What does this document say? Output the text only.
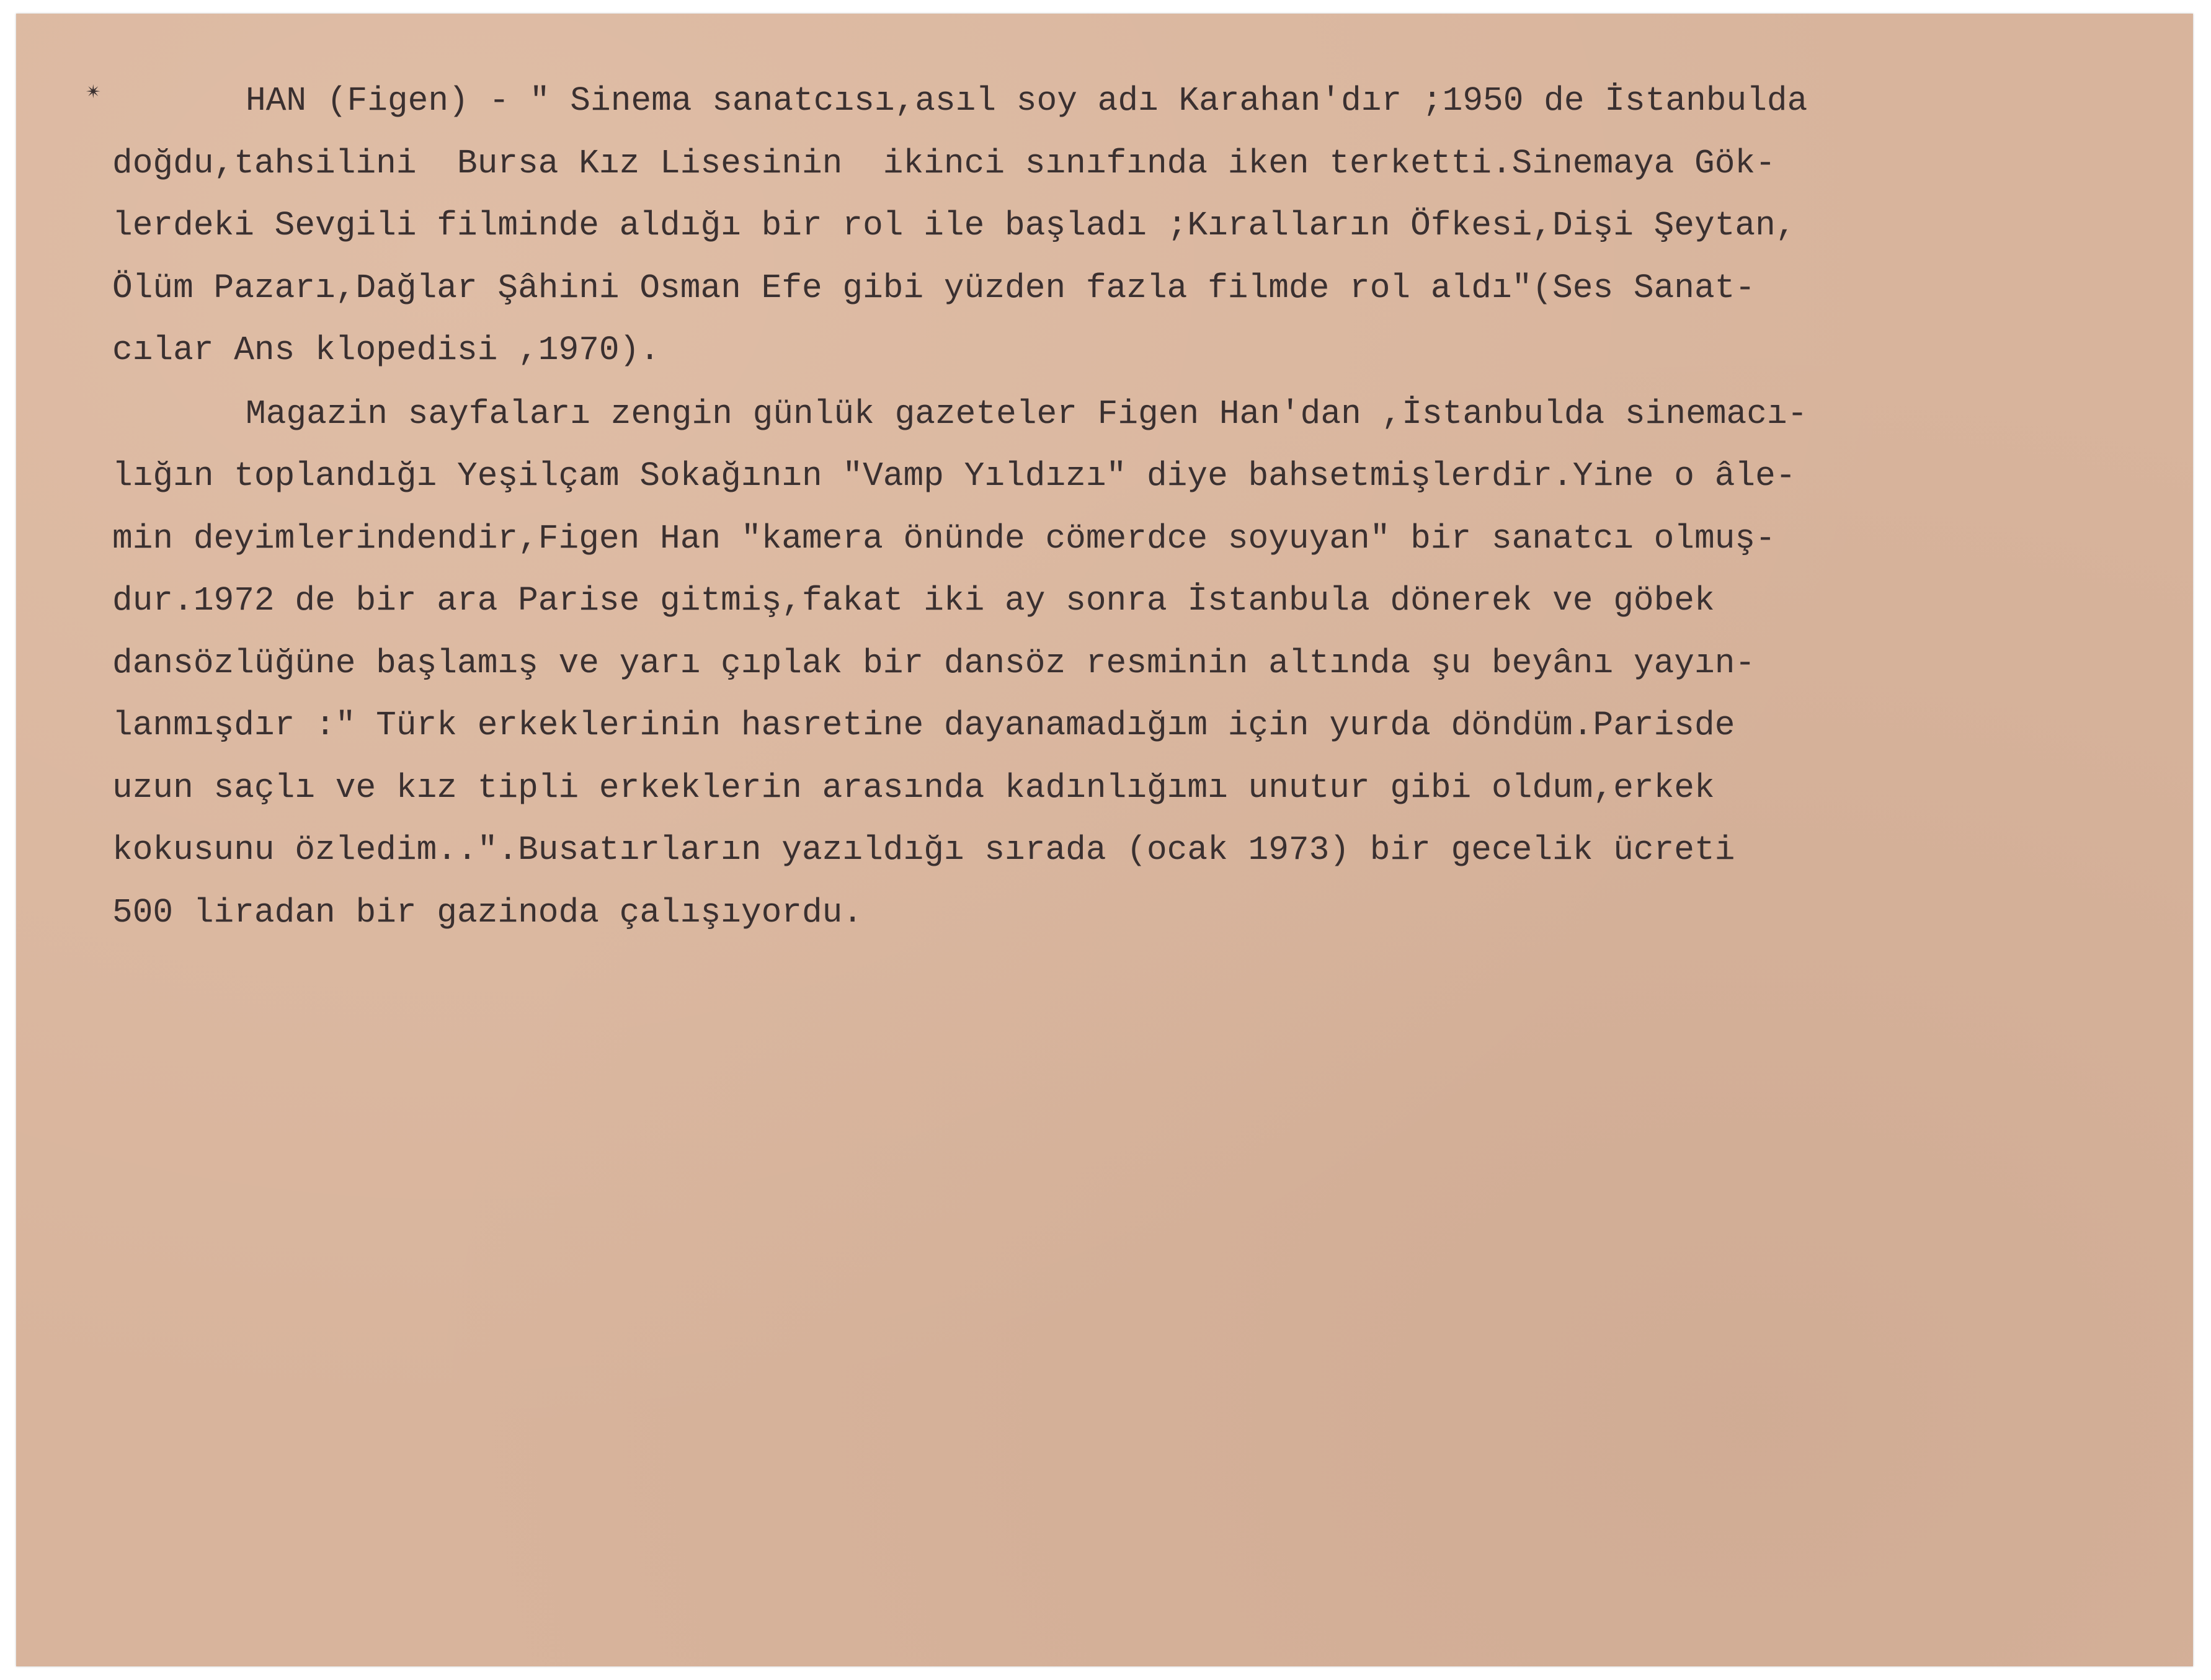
✴	HAN (Figen) - " Sinema sanatcısı,asıl soy adı Karahan'dır ;1950 de İstanbulda
doğdu,tahsilini  Bursa Kız Lisesinin  ikinci sınıfında iken terketti.Sinemaya Gök-
lerdeki Sevgili filminde aldığı bir rol ile başladı ;Kıralların Öfkesi,Dişi Şeytan,
Ölüm Pazarı,Dağlar Şâhini Osman Efe gibi yüzden fazla filmde rol aldı"(Ses Sanat-
cılar Ans klopedisi ,1970).
Magazin sayfaları zengin günlük gazeteler Figen Han'dan ,İstanbulda sinemacı-
lığın toplandığı Yeşilçam Sokağının "Vamp Yıldızı" diye bahsetmişlerdir.Yine o âle-
min deyimlerindendir,Figen Han "kamera önünde cömerdce soyuyan" bir sanatcı olmuş-
dur.1972 de bir ara Parise gitmiş,fakat iki ay sonra İstanbula dönerek ve göbek
dansözlüğüne başlamış ve yarı çıplak bir dansöz resminin altında şu beyânı yayın-
lanmışdır :" Türk erkeklerinin hasretine dayanamadığım için yurda döndüm.Parisde
uzun saçlı ve kız tipli erkeklerin arasında kadınlığımı unutur gibi oldum,erkek
kokusunu özledim..".Busatırların yazıldığı sırada (ocak 1973) bir gecelik ücreti
500 liradan bir gazinoda çalışıyordu.
